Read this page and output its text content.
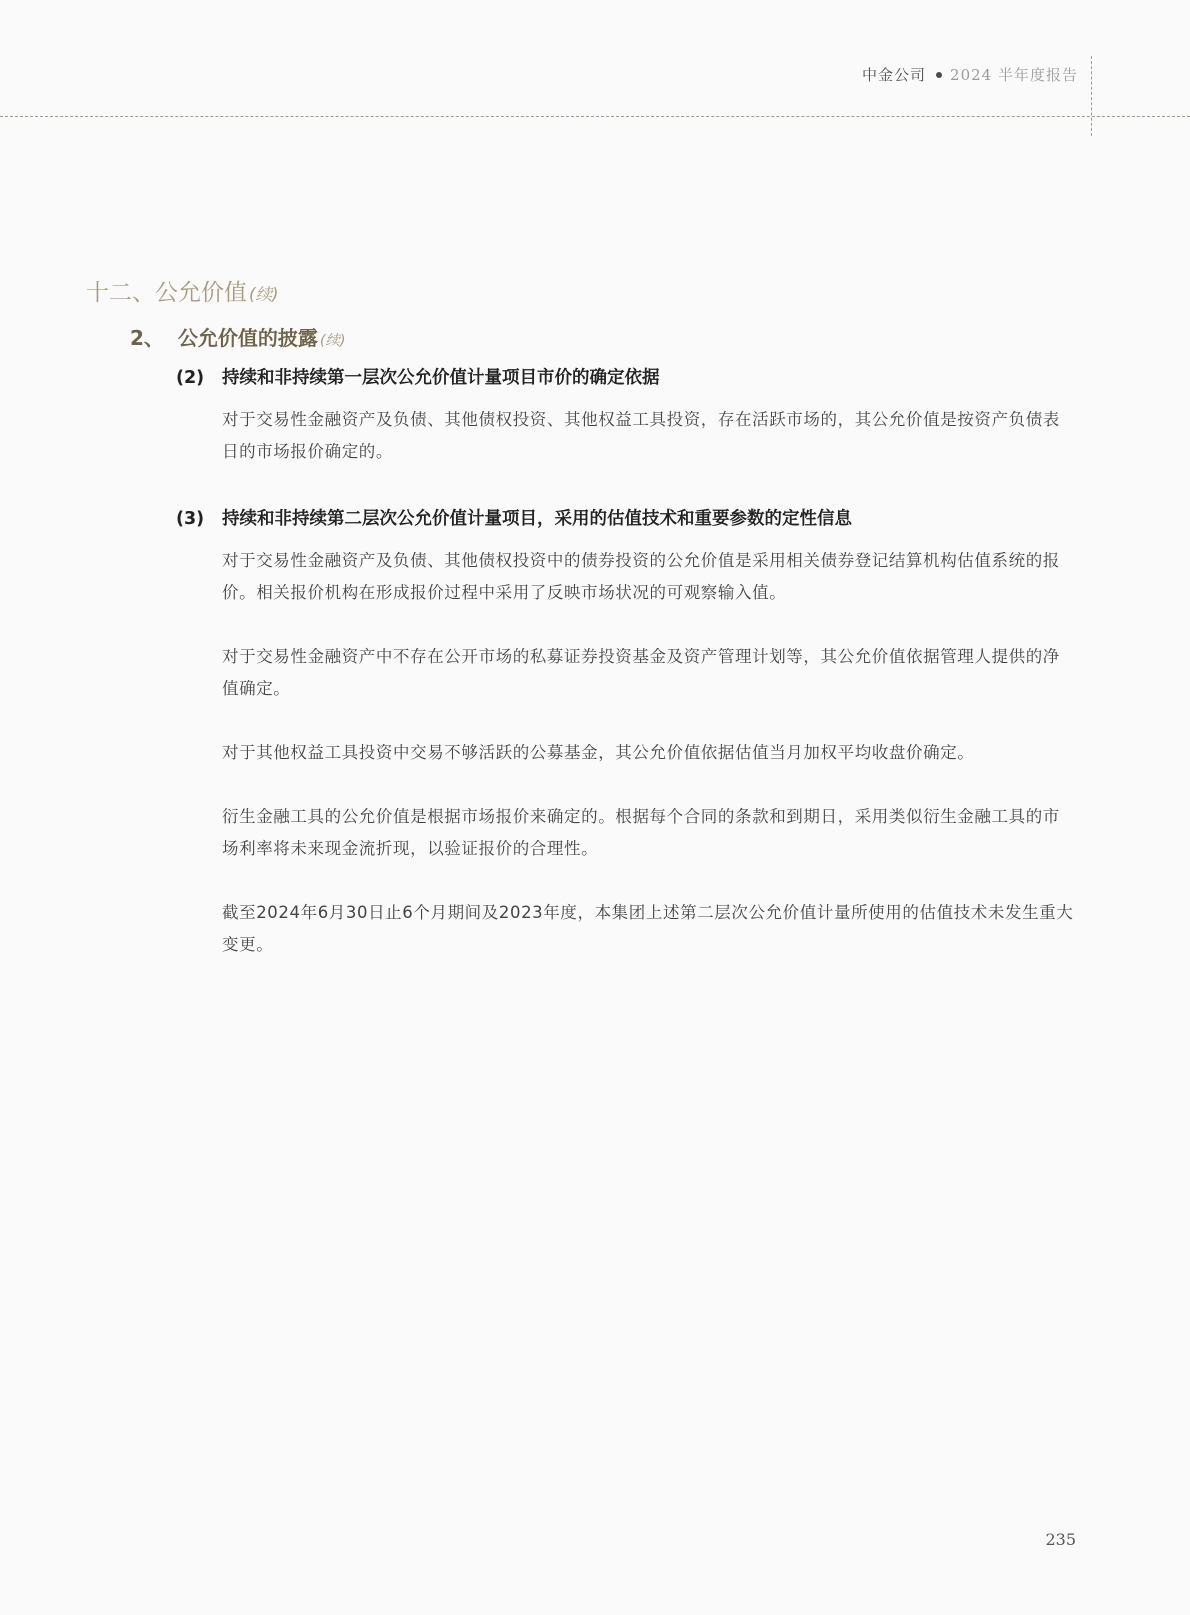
中金公司 2024 半年度报告
十二、公允价值 (续)
2、 公允价值的披露 (续)
(2) 持续和非持续第一层次公允价值计量项目市价的确定依据

对于交易性金融资产及负债、其他债权投资、其他权益工具投资，存在活跃市场的，其公允价值是按资产负债表日的市场报价确定的。

(3) 持续和非持续第二层次公允价值计量项目，采用的估值技术和重要参数的定性信息

对于交易性金融资产及负债、其他债权投资中的债券投资的公允价值是采用相关债券登记结算机构估值系统的报价。相关报价机构在形成报价过程中采用了反映市场状况的可观察输入值。

对于交易性金融资产中不存在公开市场的私募证券投资基金及资产管理计划等，其公允价值依据管理人提供的净值确定。

对于其他权益工具投资中交易不够活跃的公募基金，其公允价值依据估值当月加权平均收盘价确定。

衍生金融工具的公允价值是根据市场报价来确定的。根据每个合同的条款和到期日，采用类似衍生金融工具的市场利率将未来现金流折现，以验证报价的合理性。

截至2024年6月30日止6个月期间及2023年度，本集团上述第二层次公允价值计量所使用的估值技术未发生重大变更。

235
